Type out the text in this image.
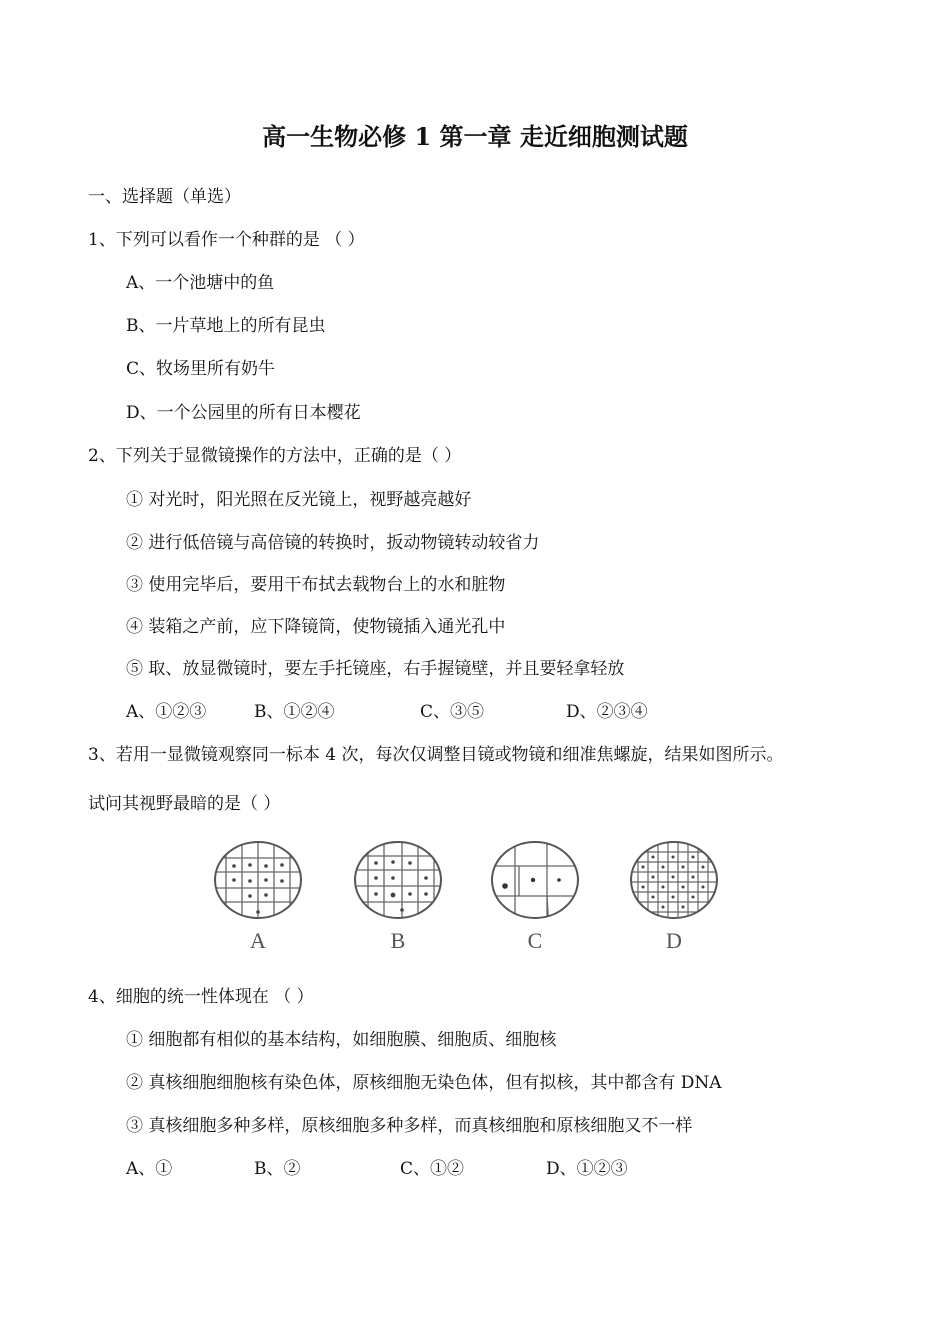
高一生物必修 1 第一章 走近细胞测试题
一、选择题（单选）
1、下列可以看作一个种群的是 （ ）
A、一个池塘中的鱼
B、一片草地上的所有昆虫
C、牧场里所有奶牛
D、一个公园里的所有日本樱花
2、下列关于显微镜操作的方法中，正确的是（ ）
① 对光时，阳光照在反光镜上，视野越亮越好
② 进行低倍镜与高倍镜的转换时，扳动物镜转动较省力
③ 使用完毕后，要用干布拭去载物台上的水和脏物
④ 装箱之产前，应下降镜筒，使物镜插入通光孔中
⑤ 取、放显微镜时，要左手托镜座，右手握镜壁，并且要轻拿轻放
A、①②③	B、①②④	C、③⑤	D、②③④
3、若用一显微镜观察同一标本 4 次，每次仅调整目镜或物镜和细准焦螺旋，结果如图所示。
试问其视野最暗的是（ ）
A	B	C	D
4、细胞的统一性体现在 （ ）
① 细胞都有相似的基本结构，如细胞膜、细胞质、细胞核
② 真核细胞细胞核有染色体，原核细胞无染色体，但有拟核，其中都含有 DNA
③ 真核细胞多种多样，原核细胞多种多样，而真核细胞和原核细胞又不一样
A、①	B、②	C、①②	D、①②③
